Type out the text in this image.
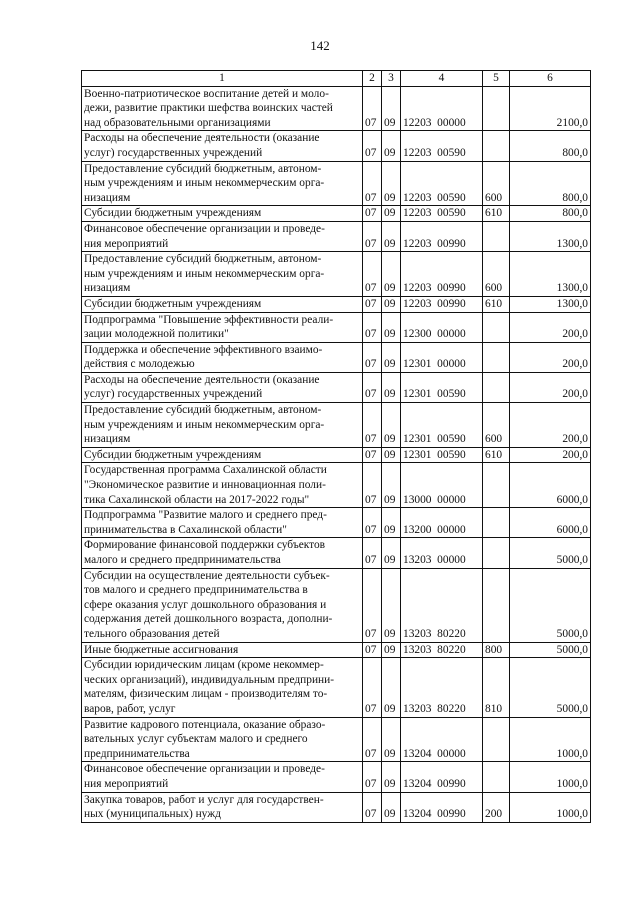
142
1	2	3	4	5	6
Военно-патриотическое воспитание детей и моло-
дежи, развитие практики шефства воинских частей
над образовательными организациями	07	09	12203  00000		2100,0
Расходы на обеспечение деятельности (оказание
услуг) государственных учреждений	07	09	12203  00590		800,0
Предоставление субсидий бюджетным, автоном-
ным учреждениям и иным некоммерческим орга-
низациям	07	09	12203  00590	600	800,0
Субсидии бюджетным учреждениям	07	09	12203  00590	610	800,0
Финансовое обеспечение организации и проведе-
ния мероприятий	07	09	12203  00990		1300,0
Предоставление субсидий бюджетным, автоном-
ным учреждениям и иным некоммерческим орга-
низациям	07	09	12203  00990	600	1300,0
Субсидии бюджетным учреждениям	07	09	12203  00990	610	1300,0
Подпрограмма "Повышение эффективности реали-
зации молодежной политики"	07	09	12300  00000		200,0
Поддержка и обеспечение эффективного взаимо-
действия с молодежью	07	09	12301  00000		200,0
Расходы на обеспечение деятельности (оказание
услуг) государственных учреждений	07	09	12301  00590		200,0
Предоставление субсидий бюджетным, автоном-
ным учреждениям и иным некоммерческим орга-
низациям	07	09	12301  00590	600	200,0
Субсидии бюджетным учреждениям	07	09	12301  00590	610	200,0
Государственная программа Сахалинской области
"Экономическое развитие и инновационная поли-
тика Сахалинской области на 2017-2022 годы"	07	09	13000  00000		6000,0
Подпрограмма "Развитие малого и среднего пред-
принимательства в Сахалинской области"	07	09	13200  00000		6000,0
Формирование финансовой поддержки субъектов
малого и среднего предпринимательства	07	09	13203  00000		5000,0
Субсидии на осуществление деятельности субъек-
тов малого и среднего предпринимательства в
сфере оказания услуг дошкольного образования и
содержания детей дошкольного возраста, дополни-
тельного образования детей	07	09	13203  80220		5000,0
Иные бюджетные ассигнования	07	09	13203  80220	800	5000,0
Субсидии юридическим лицам (кроме некоммер-
ческих организаций), индивидуальным предприни-
мателям, физическим лицам - производителям то-
варов, работ, услуг	07	09	13203  80220	810	5000,0
Развитие кадрового потенциала, оказание образо-
вательных услуг субъектам малого и среднего
предпринимательства	07	09	13204  00000		1000,0
Финансовое обеспечение организации и проведе-
ния мероприятий	07	09	13204  00990		1000,0
Закупка товаров, работ и услуг для государствен-
ных (муниципальных) нужд	07	09	13204  00990	200	1000,0
